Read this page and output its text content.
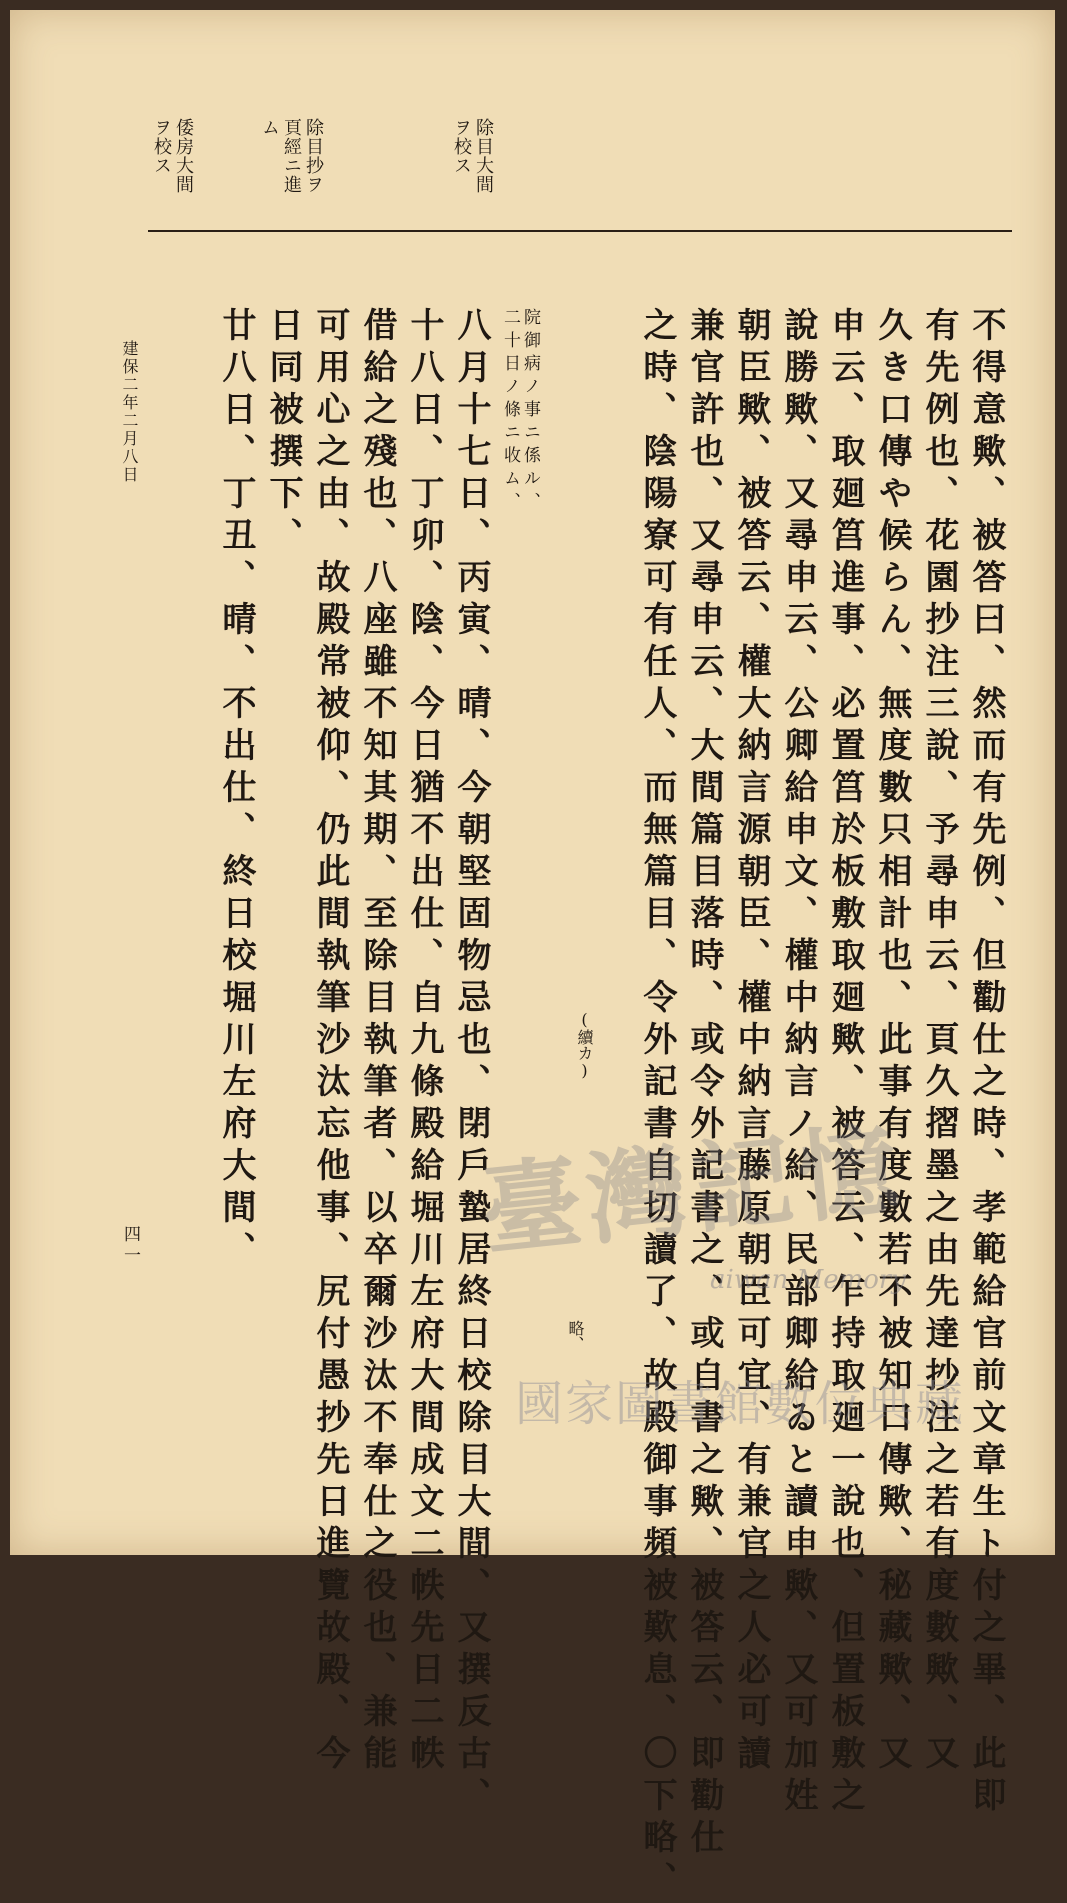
除目大間
ヲ校ス
除目抄ヲ
頁經ニ進
ム
倭房大間
ヲ校ス
不得意歟、被答曰、然而有先例、但勸仕之時、孝範給官前文章生ト付之畢、此即
有先例也、花園抄注三說、予尋申云、頁久摺墨之由先達抄注之若有度數歟、又
久き口傳や候らん、無度數只相計也、此事有度數若不被知口傳歟、秘藏歟、又
申云、取廻筥進事、必置筥於板敷取廻歟、被答云、乍持取廻一說也、但置板敷之
說勝歟、又尋申云、公卿給申文、權中納言ノ給、民部卿給ゐと讀申歟、又可加姓
朝臣歟、被答云、權大納言源朝臣、權中納言藤原朝臣可宜、有兼官之人必可讀
兼官許也、又尋申云、大間篇目落時、或令外記書之、或自書之歟、被答云、即勸仕
之時、陰陽寮可有任人、而無篇目、令外記書自切讀了、故殿御事頻被歎息、〇下略、
(續カ)
略、
院御病ノ事ニ係ル、
二十日ノ條ニ收ム、
八月十七日、丙寅、晴、今朝堅固物忌也、閉戶蟄居終日校除目大間、又撰反古、
十八日、丁卯、陰、今日猶不出仕、自九條殿給堀川左府大間成文二帙先日二帙
借給之殘也、八座雖不知其期、至除目執筆者、以卒爾沙汰不奉仕之役也、兼能
可用心之由、故殿常被仰、仍此間執筆沙汰忘他事、尻付愚抄先日進覽故殿、今
日同被撰下、
廿八日、丁丑、晴、不出仕、終日校堀川左府大間、
建保二年二月八日
四一	臺灣記憶
aiwan Memory
國家圖書館數位典藏
